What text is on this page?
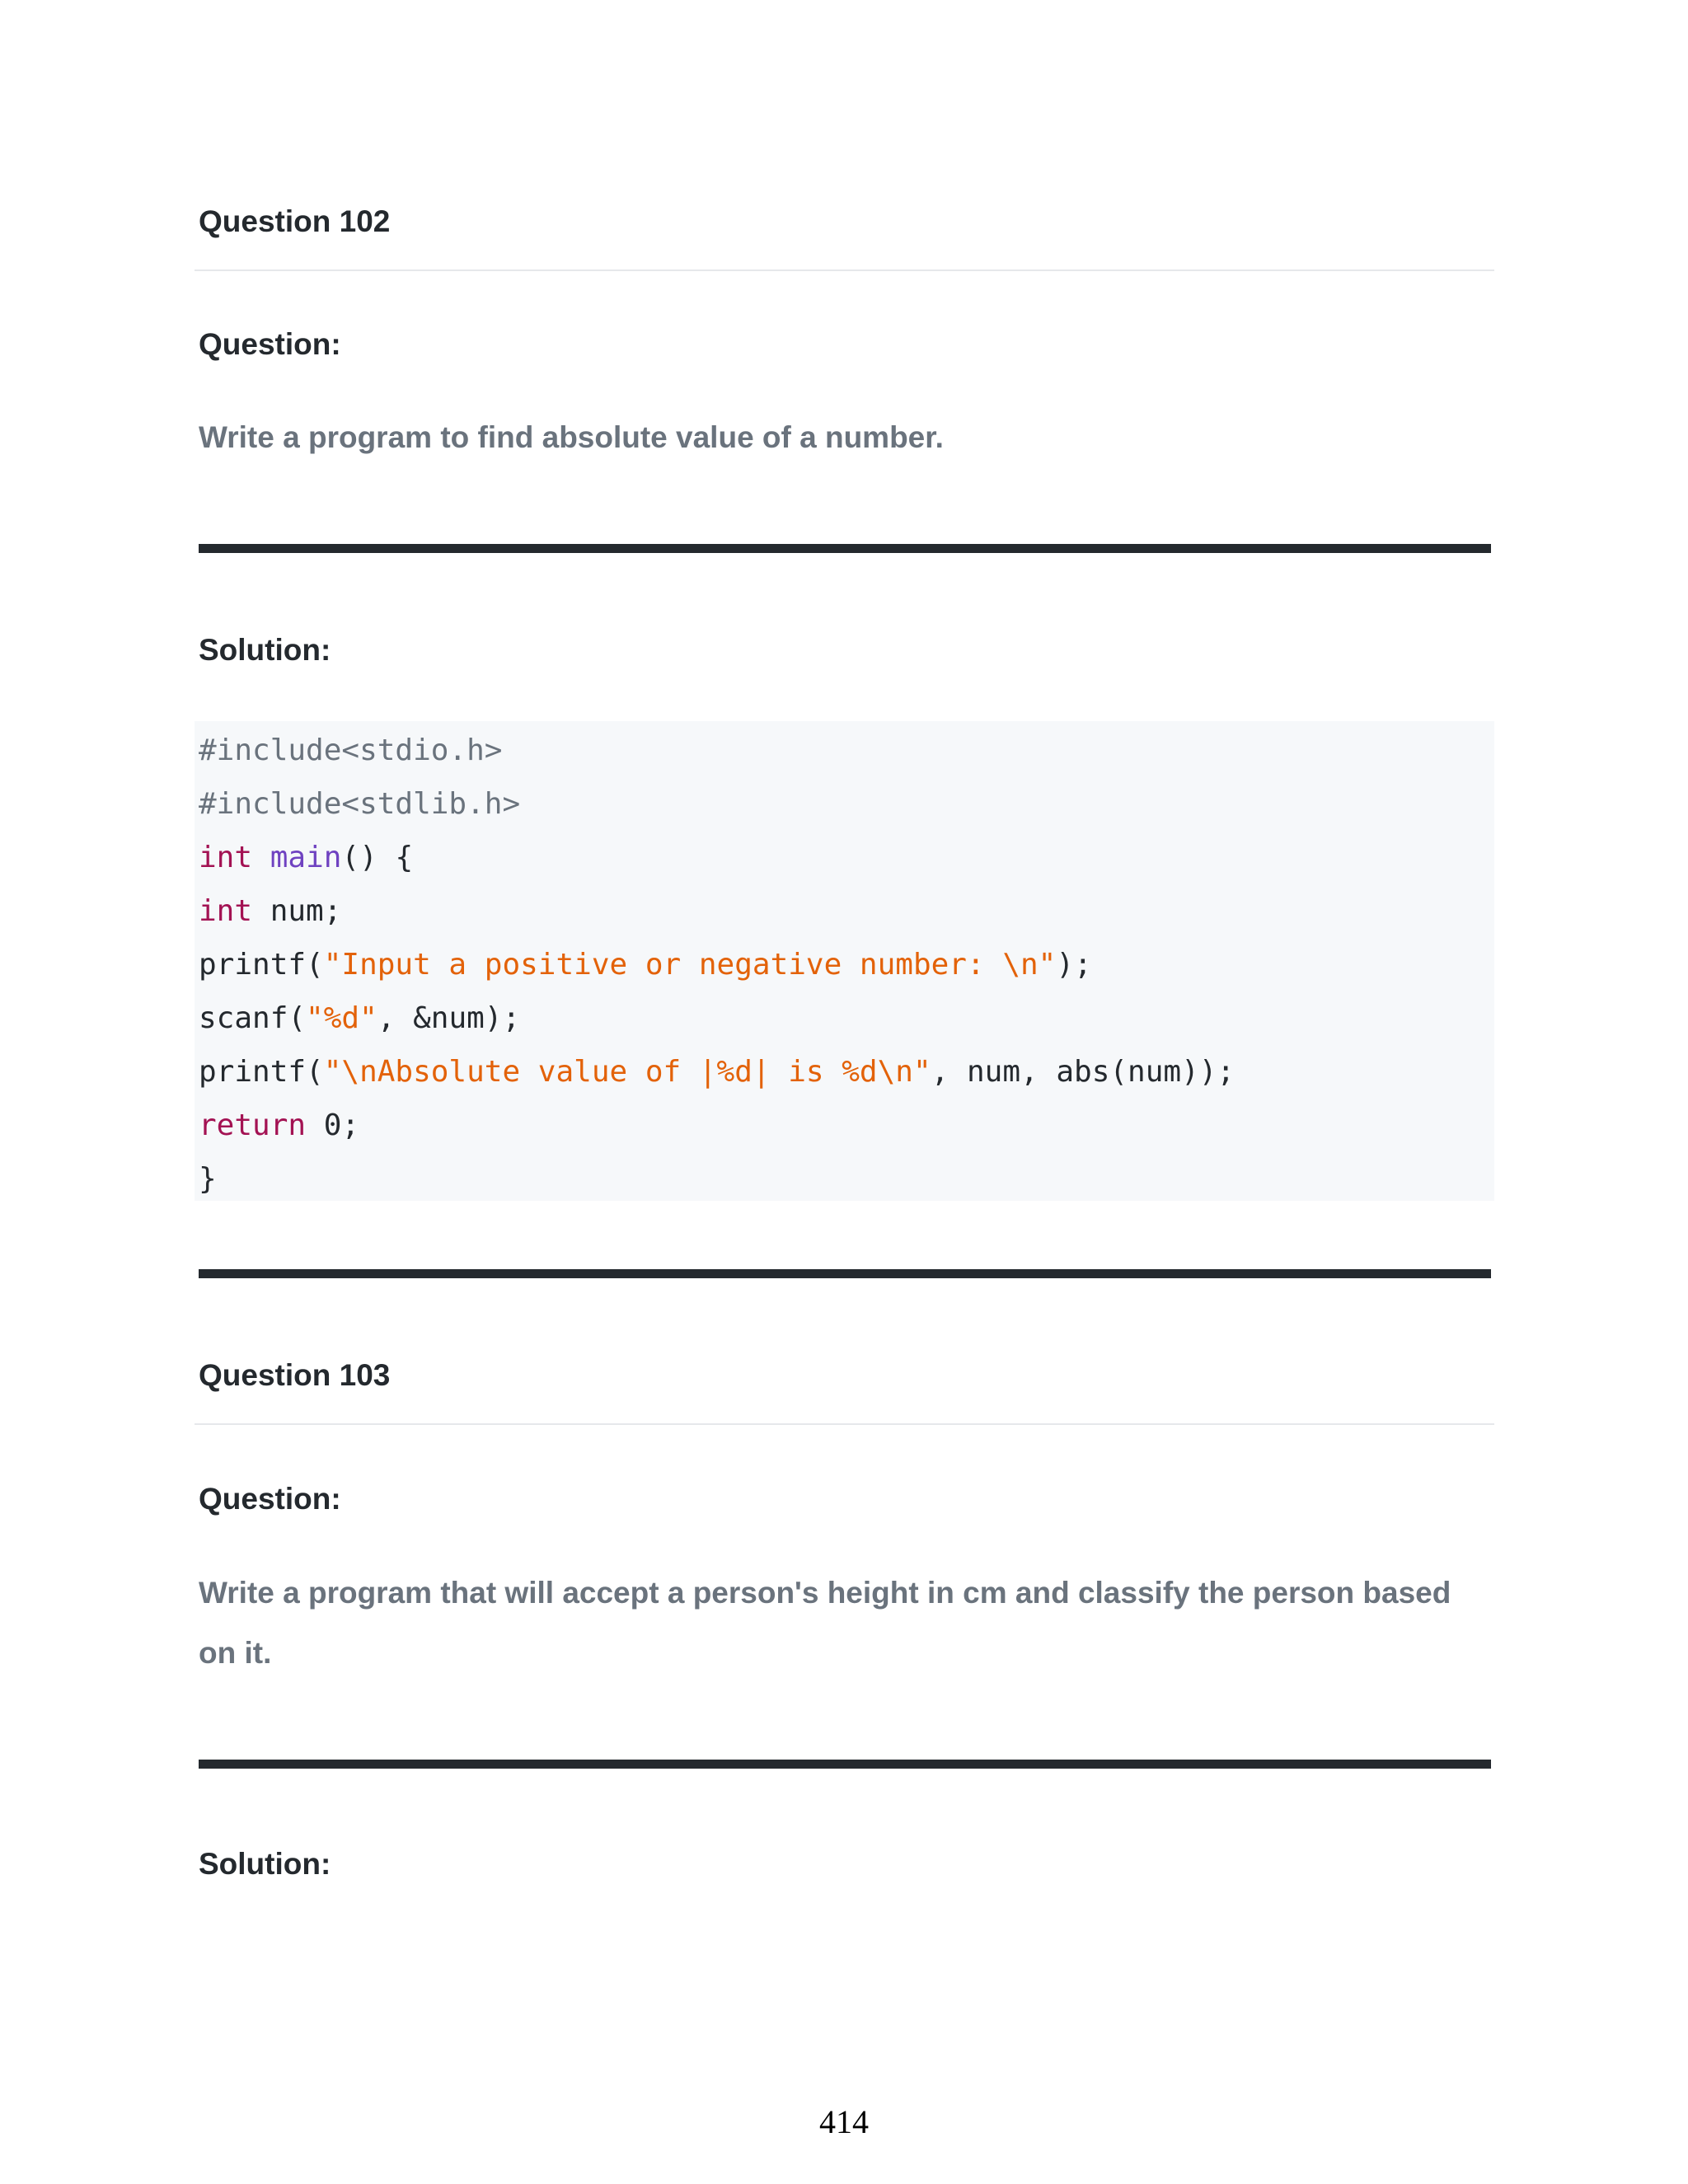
Question 102
Question:

Write a program to find absolute value of a number.

Solution:
#include<stdio.h>
#include<stdlib.h>
int main() {
int num;
printf("Input a positive or negative number: \n");
scanf("%d", &num);
printf("\nAbsolute value of |%d| is %d\n", num, abs(num));
return 0;
}
Question 103
Question:

Write a program that will accept a person's height in cm and classify the person based on it.

Solution:
414
